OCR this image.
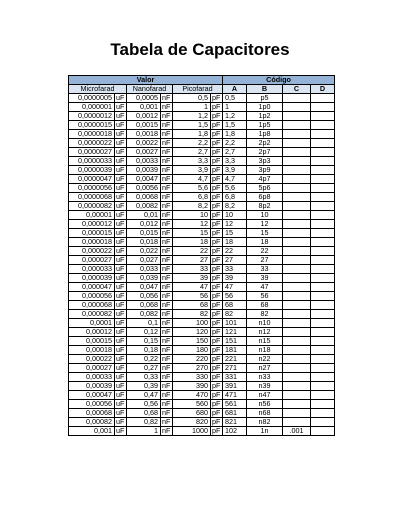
Tabela de Capacitores
Valor						Código			
Microfarad		Nanofarad		Picofarad		A	B	C	D
0,0000005	uF	0,0005	nF	0,5	pF	0,5	p5		
0,000001	uF	0,001	nF	1	pF	1	1p0		
0,0000012	uF	0,0012	nF	1,2	pF	1,2	1p2		
0,0000015	uF	0,0015	nF	1,5	pF	1,5	1p5		
0,0000018	uF	0,0018	nF	1,8	pF	1,8	1p8		
0,0000022	uF	0,0022	nF	2,2	pF	2,2	2p2		
0,0000027	uF	0,0027	nF	2,7	pF	2,7	2p7		
0,0000033	uF	0,0033	nF	3,3	pF	3,3	3p3		
0,0000039	uF	0,0039	nF	3,9	pF	3,9	3p9		
0,0000047	uF	0,0047	nF	4,7	pF	4,7	4p7		
0,0000056	uF	0,0056	nF	5,6	pF	5,6	5p6		
0,0000068	uF	0,0068	nF	6,8	pF	6,8	6p8		
0,0000082	uF	0,0082	nF	8,2	pF	8,2	8p2		
0,00001	uF	0,01	nF	10	pF	10	10		
0,000012	uF	0,012	nF	12	pF	12	12		
0,000015	uF	0,015	nF	15	pF	15	15		
0,000018	uF	0,018	nF	18	pF	18	18		
0,000022	uF	0,022	nF	22	pF	22	22		
0,000027	uF	0,027	nF	27	pF	27	27		
0,000033	uF	0,033	nF	33	pF	33	33		
0,000039	uF	0,039	nF	39	pF	39	39		
0,000047	uF	0,047	nF	47	pF	47	47		
0,000056	uF	0,056	nF	56	pF	56	56		
0,000068	uF	0,068	nF	68	pF	68	68		
0,000082	uF	0,082	nF	82	pF	82	82		
0,0001	uF	0,1	nF	100	pF	101	n10		
0,00012	uF	0,12	nF	120	pF	121	n12		
0,00015	uF	0,15	nF	150	pF	151	n15		
0,00018	uF	0,18	nF	180	pF	181	n18		
0,00022	uF	0,22	nF	220	pF	221	n22		
0,00027	uF	0,27	nF	270	pF	271	n27		
0,00033	uF	0,33	nF	330	pF	331	n33		
0,00039	uF	0,39	nF	390	pF	391	n39		
0,00047	uF	0,47	nF	470	pF	471	n47		
0,00056	uF	0,56	nF	560	pF	561	n56		
0,00068	uF	0,68	nF	680	pF	681	n68		
0,00082	uF	0,82	nF	820	pF	821	n82		
0,001	uF	1	nF	1000	pF	102	1n	.001	
